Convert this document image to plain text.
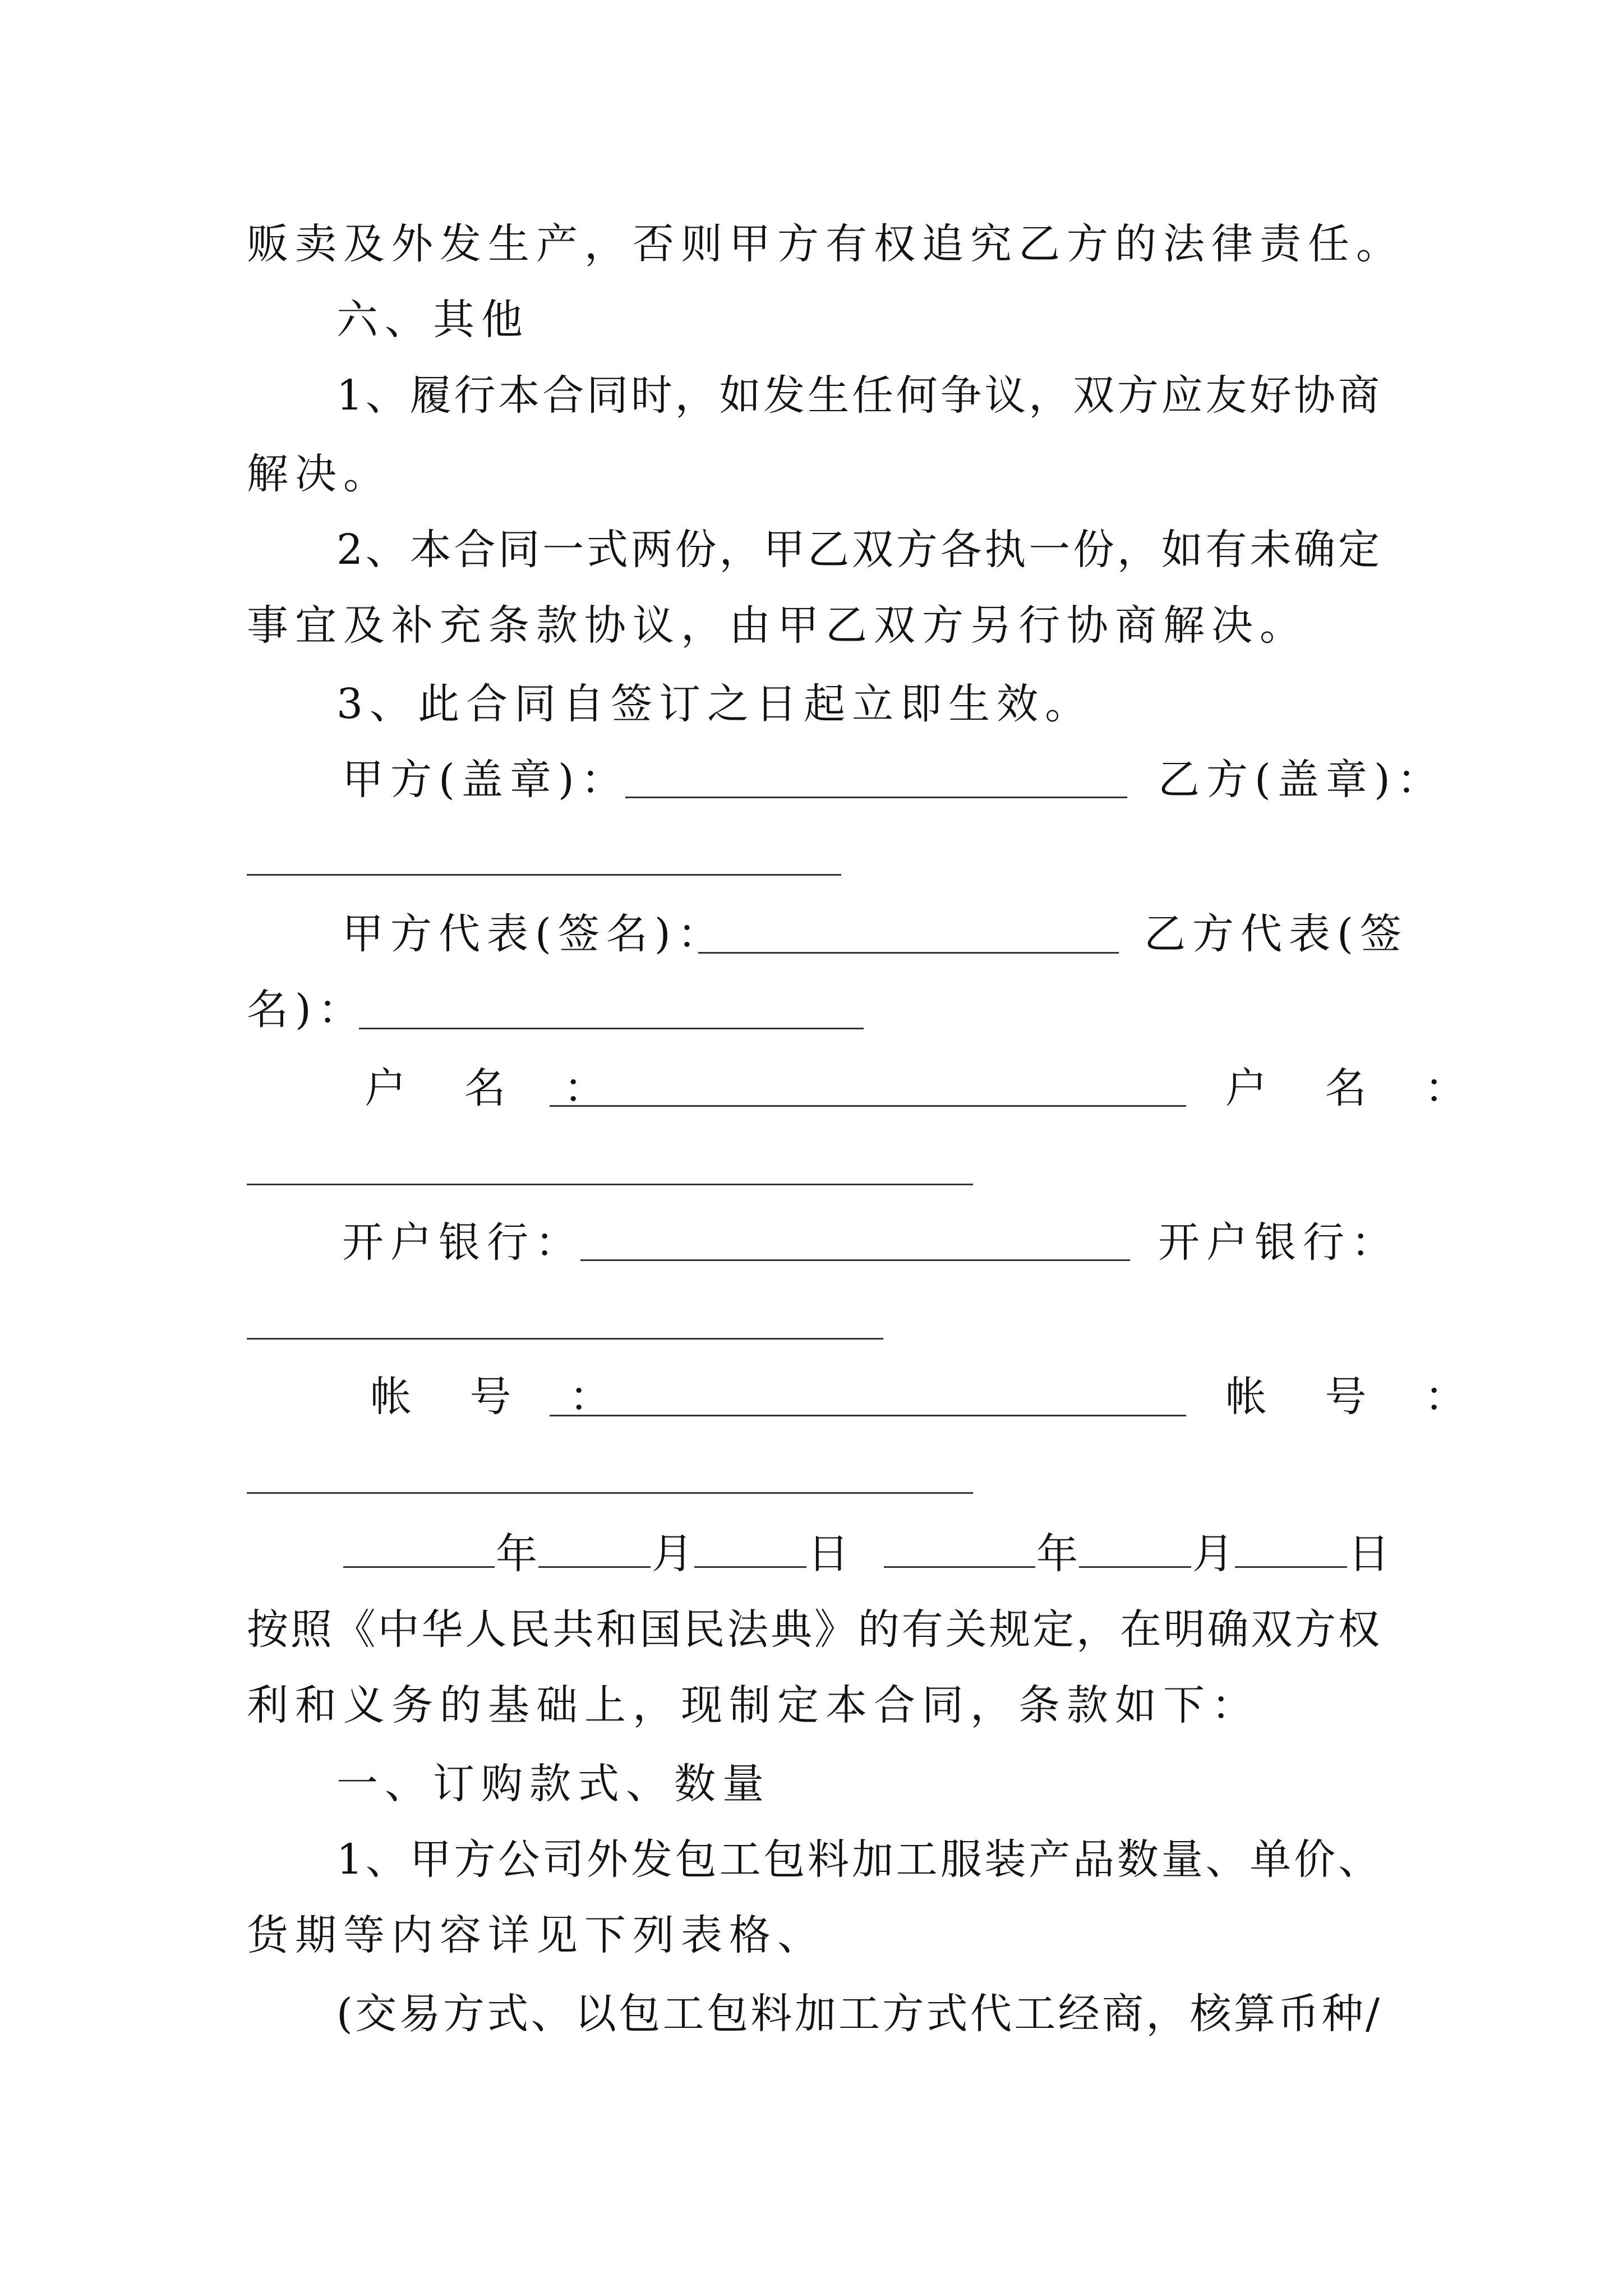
贩卖及外发生产，否则甲方有权追究乙方的法律责任。
六、其他
1、履行本合同时，如发生任何争议，双方应友好协商
解决。
2、本合同一式两份，甲乙双方各执一份，如有未确定
事宜及补充条款协议，由甲乙双方另行协商解决。
3、此合同自签订之日起立即生效。
甲方(盖章)：	乙方(盖章)：
甲方代表(签名)：	乙方代表(签
名)：
户 名 ：	户 名 ：
开户银行：	开户银行：
帐 号 ：	帐 号 ：
年	月	日	年	月	日
按照《中华人民共和国民法典》的有关规定，在明确双方权
利和义务的基础上，现制定本合同，条款如下：
一、订购款式、数量
1、甲方公司外发包工包料加工服装产品数量、单价、
货期等内容详见下列表格、
(交易方式、以包工包料加工方式代工经商，核算币种/
